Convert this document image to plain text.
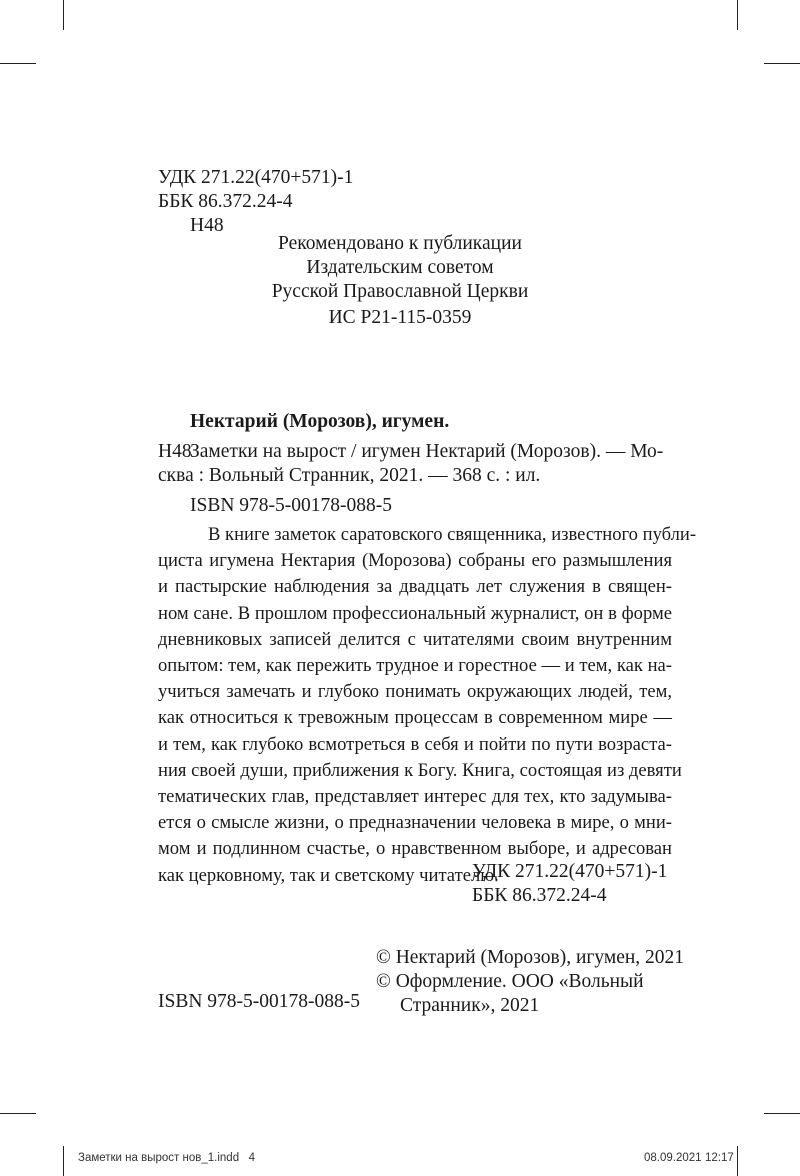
УДК 271.22(470+571)-1
ББК 86.372.24-4
Н48
Рекомендовано к публикации
Издательским советом
Русской Православной Церкви
ИС Р21-115-0359
Нектарий (Морозов), игумен.
Н48
Заметки на вырост / игумен Нектарий (Морозов). — Мо-
сква : Вольный Странник, 2021. — 368 с. : ил.
ISBN 978-5-00178-088-5
В книге заметок саратовского священника, известного публи-
циста игумена Нектария (Морозова) собраны его размышления
и пастырские наблюдения за двадцать лет служения в священ-
ном сане. В прошлом профессиональный журналист, он в форме
дневниковых записей делится с читателями своим внутренним
опытом: тем, как пережить трудное и горестное — и тем, как на-
учиться замечать и глубоко понимать окружающих людей, тем,
как относиться к тревожным процессам в современном мире —
и тем, как глубоко всмотреться в себя и пойти по пути возраста-
ния своей души, приближения к Богу. Книга, состоящая из девяти
тематических глав, представляет интерес для тех, кто задумыва-
ется о смысле жизни, о предназначении человека в мире, о мни-
мом и подлинном счастье, о нравственном выборе, и адресован
как церковному, так и светскому читателю.
УДК 271.22(470+571)-1
ББК 86.372.24-4
© Нектарий (Морозов), игумен, 2021
© Оформление. ООО «Вольный
Странник», 2021
ISBN 978-5-00178-088-5
Заметки на вырост нов_1.indd   4	08.09.2021 12:17
